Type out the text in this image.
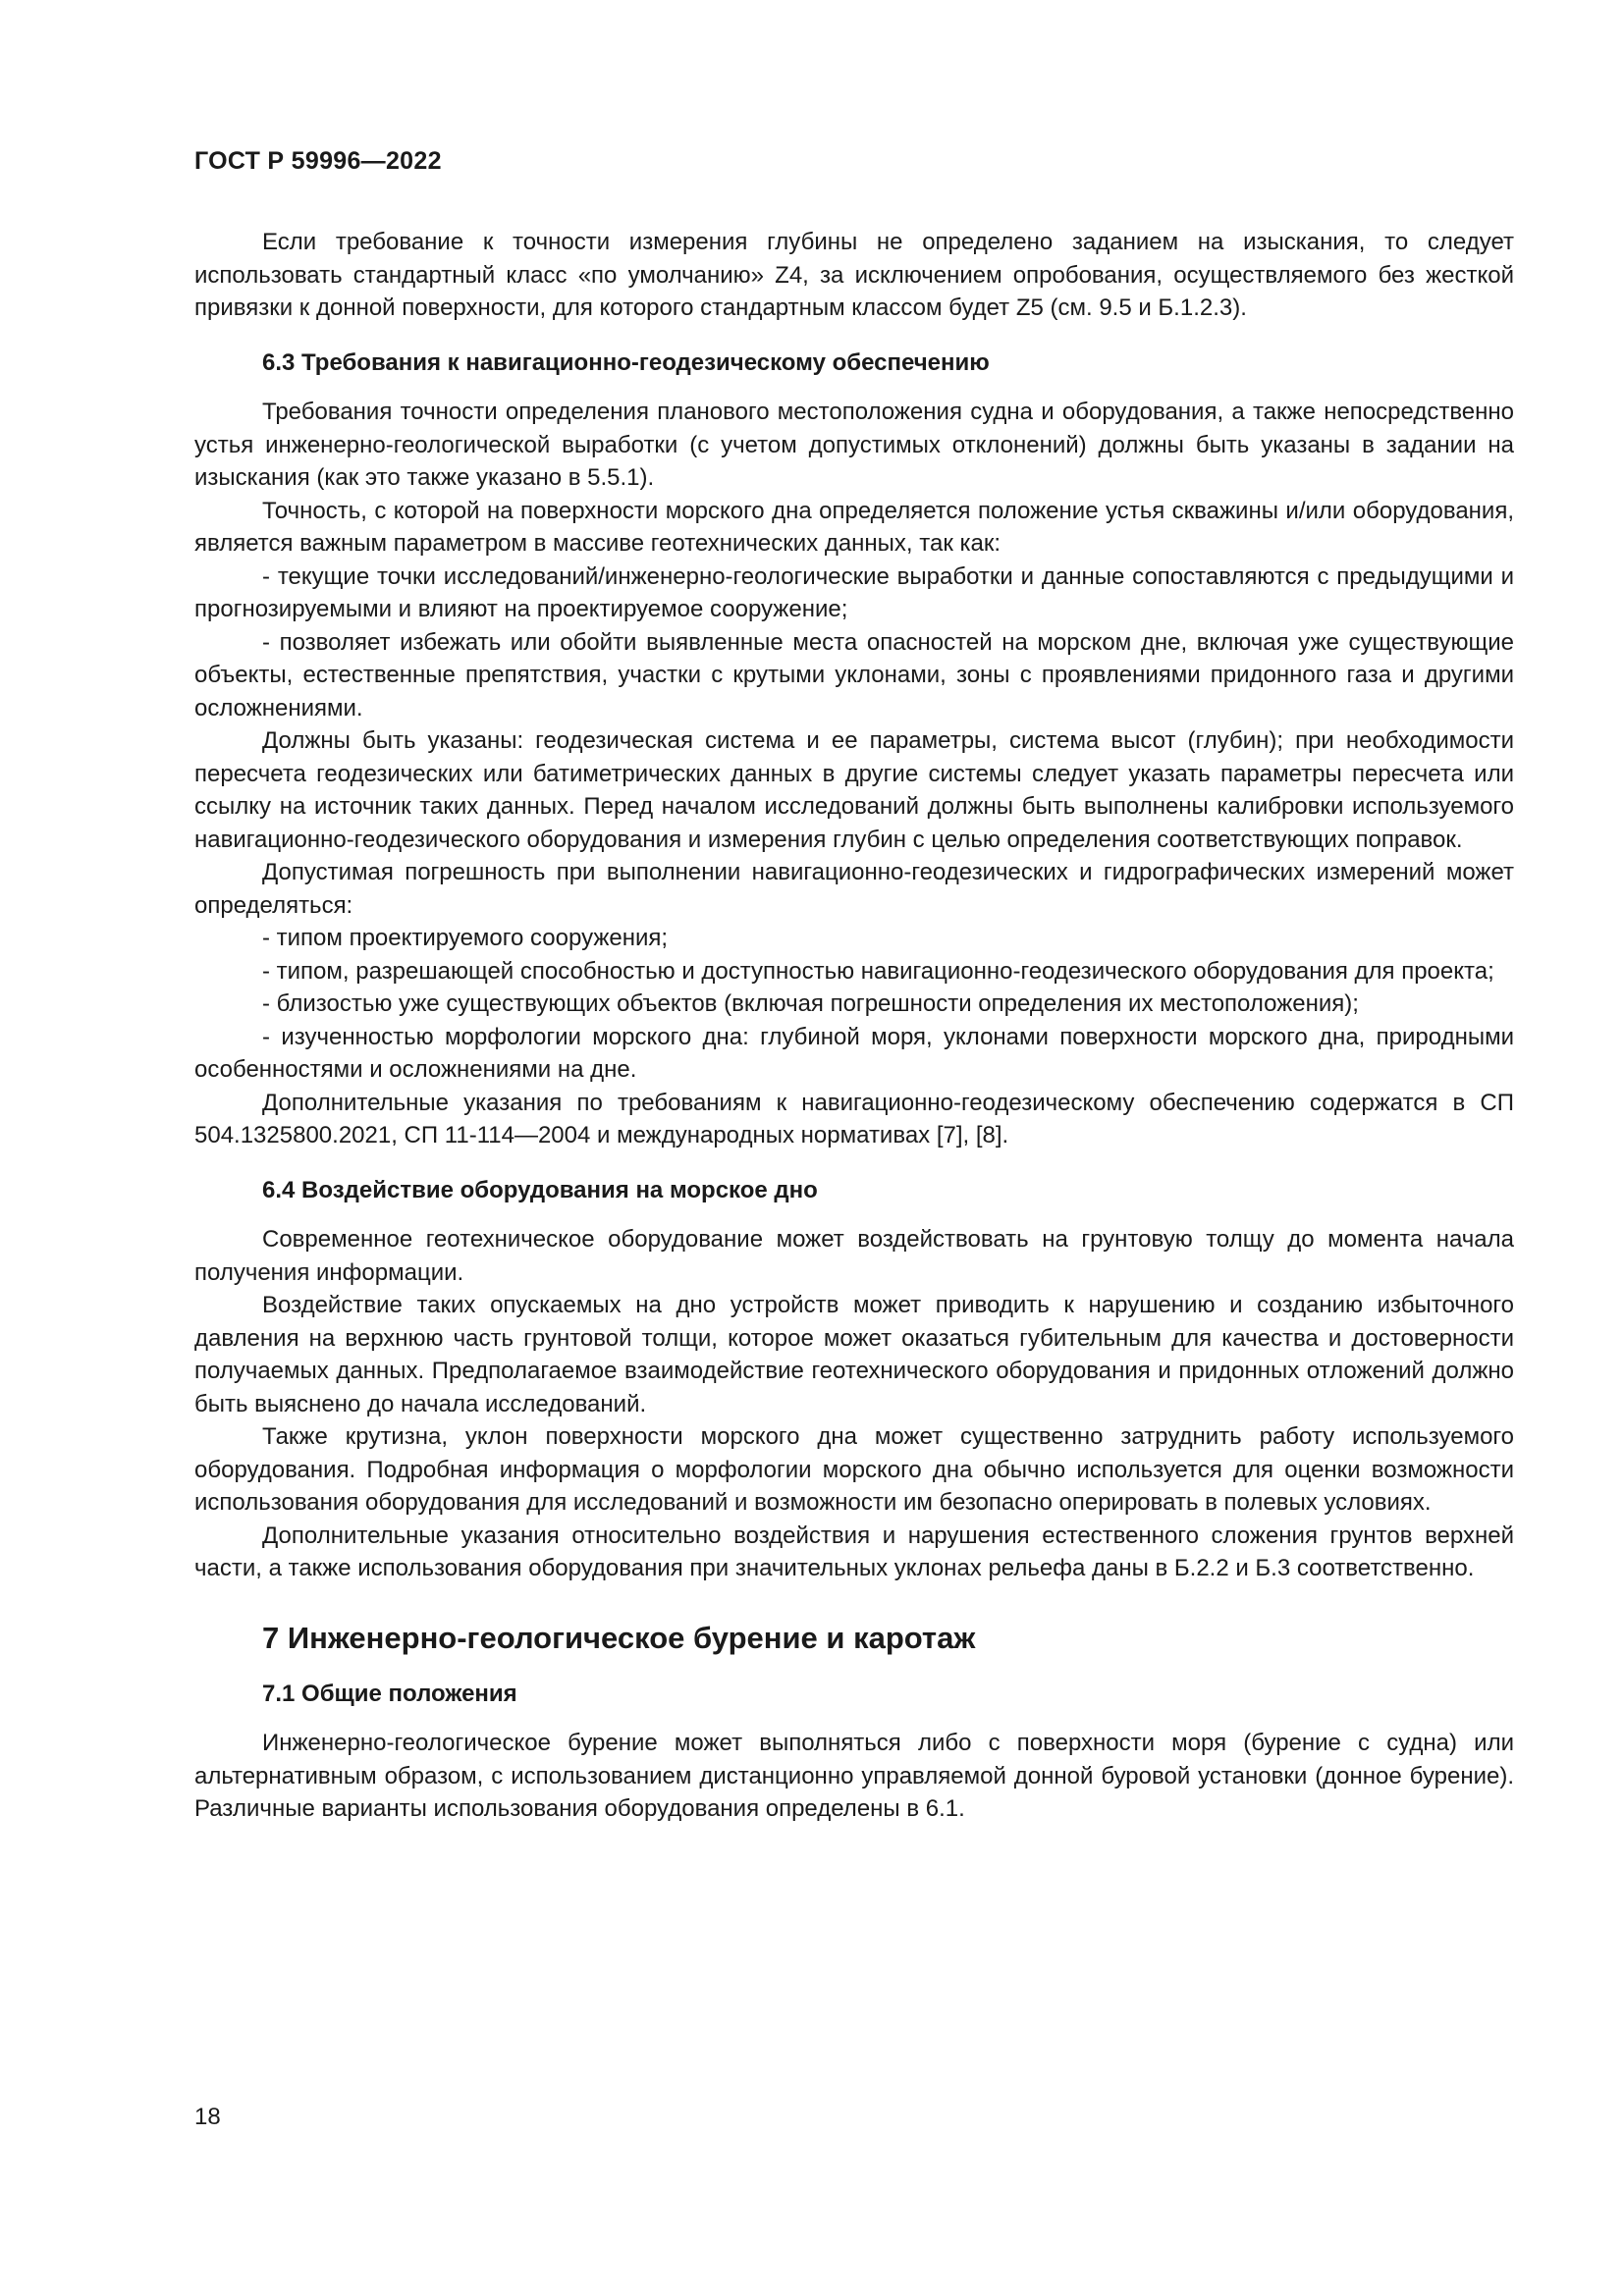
ГОСТ Р 59996—2022

Если требование к точности измерения глубины не определено заданием на изыскания, то следует использовать стандартный класс «по умолчанию» Z4, за исключением опробования, осуществляемого без жесткой привязки к донной поверхности, для которого стандартным классом будет Z5 (см. 9.5 и Б.1.2.3).

6.3 Требования к навигационно-геодезическому обеспечению

Требования точности определения планового местоположения судна и оборудования, а также непосредственно устья инженерно-геологической выработки (с учетом допустимых отклонений) должны быть указаны в задании на изыскания (как это также указано в 5.5.1).

Точность, с которой на поверхности морского дна определяется положение устья скважины и/или оборудования, является важным параметром в массиве геотехнических данных, так как:

- текущие точки исследований/инженерно-геологические выработки и данные сопоставляются с предыдущими и прогнозируемыми и влияют на проектируемое сооружение;

- позволяет избежать или обойти выявленные места опасностей на морском дне, включая уже существующие объекты, естественные препятствия, участки с крутыми уклонами, зоны с проявлениями придонного газа и другими осложнениями.

Должны быть указаны: геодезическая система и ее параметры, система высот (глубин); при необходимости пересчета геодезических или батиметрических данных в другие системы следует указать параметры пересчета или ссылку на источник таких данных. Перед началом исследований должны быть выполнены калибровки используемого навигационно-геодезического оборудования и измерения глубин с целью определения соответствующих поправок.

Допустимая погрешность при выполнении навигационно-геодезических и гидрографических измерений может определяться:

- типом проектируемого сооружения;

- типом, разрешающей способностью и доступностью навигационно-геодезического оборудования для проекта;

- близостью уже существующих объектов (включая погрешности определения их местоположения);

- изученностью морфологии морского дна: глубиной моря, уклонами поверхности морского дна, природными особенностями и осложнениями на дне.

Дополнительные указания по требованиям к навигационно-геодезическому обеспечению содержатся в СП 504.1325800.2021, СП 11-114—2004 и международных нормативах [7], [8].

6.4 Воздействие оборудования на морское дно

Современное геотехническое оборудование может воздействовать на грунтовую толщу до момента начала получения информации.

Воздействие таких опускаемых на дно устройств может приводить к нарушению и созданию избыточного давления на верхнюю часть грунтовой толщи, которое может оказаться губительным для качества и достоверности получаемых данных. Предполагаемое взаимодействие геотехнического оборудования и придонных отложений должно быть выяснено до начала исследований.

Также крутизна, уклон поверхности морского дна может существенно затруднить работу используемого оборудования. Подробная информация о морфологии морского дна обычно используется для оценки возможности использования оборудования для исследований и возможности им безопасно оперировать в полевых условиях.

Дополнительные указания относительно воздействия и нарушения естественного сложения грунтов верхней части, а также использования оборудования при значительных уклонах рельефа даны в Б.2.2 и Б.3 соответственно.

7 Инженерно-геологическое бурение и каротаж
7.1 Общие положения

Инженерно-геологическое бурение может выполняться либо с поверхности моря (бурение с судна) или альтернативным образом, с использованием дистанционно управляемой донной буровой установки (донное бурение). Различные варианты использования оборудования определены в 6.1.

18
